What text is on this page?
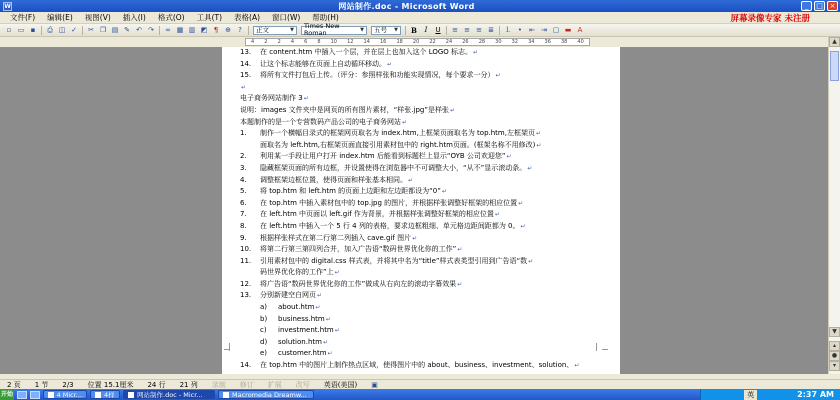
W	网站制作.doc - Microsoft Word	_	□ ×
文件(F)	编辑(E)	视图(V)	插入(I)	格式(O)	工具(T)	表格(A)	窗口(W)	帮助(H)	屏幕录像专家 未注册
▫ ▭ ▪	⎙ ◫ ✓ ✂ ❐ ▤ ✎ ↶ ↷ ∞ ▦ ▥ ◩ ¶ ⊕	?	正文	▼ Times New Roman	▼ 五号 ▼ B	I	U	≡ ≡ ≡ ≣ ⒈ •	⇤ ⇥ ▢ ▬ A
4 2 2 4 6 8 10 12 14 16 18 20 22 24 26 28 30 32 34 36 38 40
13. 在 content.htm 中插入一个层，并在层上也加入这个 LOGO 标志。↵
14. 让这个标志能够在页面上自动循环移动。↵
15. 将所有文件打包后上传。（评分：参照样张和功能实现情况，每个要求一分）↵
↵
电子商务网站制作 3↵
说明：images 文件夹中是网页的所有图片素材，“样张.jpg”是样张↵
本题制作的是一个专营数码产品公司的电子商务网站↵
1. 制作一个横幅目录式的框架网页取名为 index.htm,上框架页面取名为 top.htm,左框架页↵
面取名为 left.htm,右框架页面直接引用素材包中的 right.htm页面。(框架名称不用修改)↵
2. 利用某一手段让用户打开 index.htm 后能看到标题栏上显示“OYB 公司欢迎您”↵
3. 隐藏框架页面的所有边框，并设置使得在浏览器中不可调整大小，“从不”显示滚动条。↵
4. 调整框架边框位置，使得页面和样张基本相同。↵
5. 将 top.htm 和 left.htm 的页面上边距和左边距都设为“0”↵
6. 在 top.htm 中插入素材包中的 top.jpg 的图片，并根据样张调整好框架的相应位置↵
7. 在 left.htm 中页面以 left.gif 作为背景，并根据样张调整好框架的相应位置↵
8. 在 left.htm 中插入一个 5 行 4 列的表格，要求边框粗细、单元格边距间距都为 0。↵
9. 根据样张样式在第二行第二列插入 cave.gif 图片↵
10. 将第二行第三第四列合并，加入广告语“数码世界优化你的工作”↵
11. 引用素材包中的 digital.css 样式表，并将其中名为“title”样式表类型引用到广告语“数↵
码世界优化你的工作”上↵
12. 将广告语“数码世界优化你的工作”做成从右向左的滚动字幕效果↵
13. 分别新建空白网页↵
a) about.htm↵
b) business.htm↵
c) investment.htm↵
d) solution.htm↵
e) customer.htm↵
14. 在 top.htm 中的图片上制作热点区域，使得图片中的 about、business、investment、solution、↵
▲
▼
▴
●
▾
2 页	1 节	2/3	位置 15.1厘米	24 行	21 列	录制	修订	扩展	改写	英语(美国)	▣
开始	4 Micr...	4样	网站制作.doc - Micr...	Macromedia Dreamw...	英	2:37 AM
